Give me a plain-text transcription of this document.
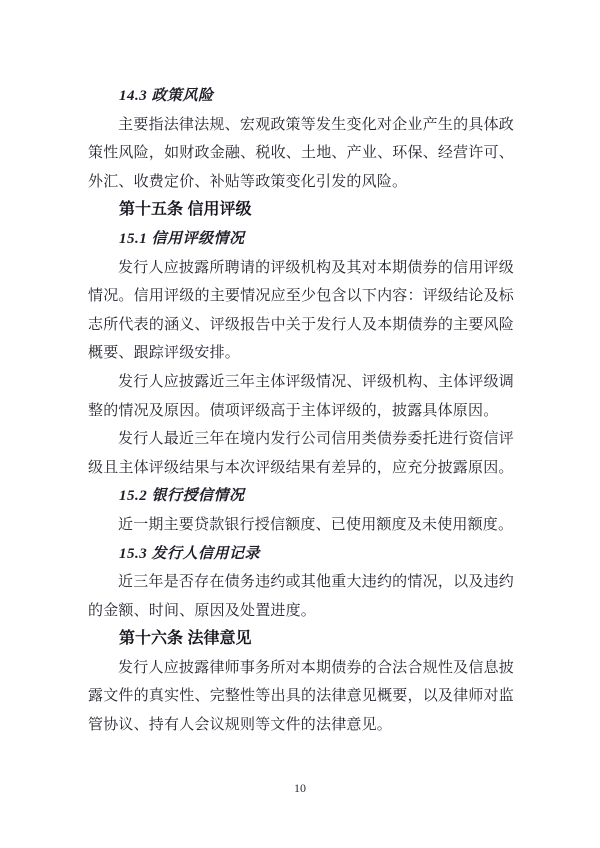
14.3 政策风险

主要指法律法规、宏观政策等发生变化对企业产生的具体政策性风险，如财政金融、税收、土地、产业、环保、经营许可、外汇、收费定价、补贴等政策变化引发的风险。

第十五条 信用评级
15.1 信用评级情况

发行人应披露所聘请的评级机构及其对本期债券的信用评级情况。信用评级的主要情况应至少包含以下内容：评级结论及标志所代表的涵义、评级报告中关于发行人及本期债券的主要风险概要、跟踪评级安排。

发行人应披露近三年主体评级情况、评级机构、主体评级调整的情况及原因。债项评级高于主体评级的，披露具体原因。

发行人最近三年在境内发行公司信用类债券委托进行资信评级且主体评级结果与本次评级结果有差异的，应充分披露原因。

15.2 银行授信情况

近一期主要贷款银行授信额度、已使用额度及未使用额度。

15.3 发行人信用记录

近三年是否存在债务违约或其他重大违约的情况，以及违约的金额、时间、原因及处置进度。

第十六条 法律意见

发行人应披露律师事务所对本期债券的合法合规性及信息披露文件的真实性、完整性等出具的法律意见概要，以及律师对监管协议、持有人会议规则等文件的法律意见。

10
